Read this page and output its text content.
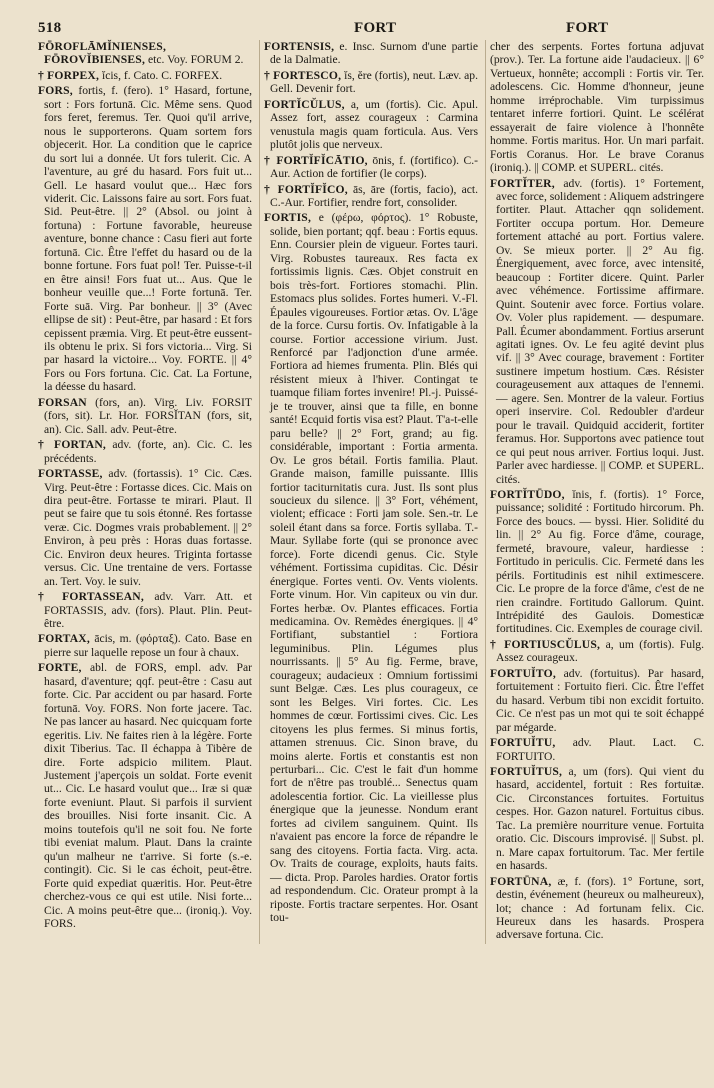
518	FORT	FORT

FŌROFLĀMĬNIENSES, FŌROVĬBIENSES, etc. Voy. FORUM 2.

† FORPEX, ĭcis, f. Cato. C. FORFEX.

FORS, fortis, f. (fero). 1° Hasard, fortune, sort : Fors fortunā. Cic. Même sens. Quod fors feret, feremus. Ter. Quoi qu'il arrive, nous le supporterons. Quam sortem fors objecerit. Hor. La condition que le caprice du sort lui a donnée. Ut fors tulerit. Cic. A l'aventure, au gré du hasard. Fors fuit ut... Gell. Le hasard voulut que... Hæc fors viderit. Cic. Laissons faire au sort. Fors fuat. Sid. Peut-être. || 2° (Absol. ou joint à fortuna) : Fortune favorable, heureuse aventure, bonne chance : Casu fieri aut forte fortunā. Cic. Être l'effet du hasard ou de la bonne fortune. Fors fuat pol! Ter. Puisse-t-il en être ainsi! Fors fuat ut... Aus. Que le bonheur veuille que...! Forte fortunā. Ter. Forte suā. Virg. Par bonheur. || 3° (Avec ellipse de sit) : Peut-être, par hasard : Et fors cepissent præmia. Virg. Et peut-être eussent-ils obtenu le prix. Si fors victoria... Virg. Si par hasard la victoire... Voy. FORTE. || 4° Fors ou Fors fortuna. Cic. Cat. La Fortune, la déesse du hasard.

FORSAN (fors, an). Virg. Liv. FORSIT (fors, sit). Lr. Hor. FORSĬTAN (fors, sit, an). Cic. Sall. adv. Peut-être.

† FORTAN, adv. (forte, an). Cic. C. les précédents.

FORTASSE, adv. (fortassis). 1° Cic. Cæs. Virg. Peut-être : Fortasse dices. Cic. Mais on dira peut-être. Fortasse te mirari. Plaut. Il peut se faire que tu sois étonné. Res fortasse veræ. Cic. Dogmes vrais probablement. || 2° Environ, à peu près : Horas duas fortasse. Cic. Environ deux heures. Triginta fortasse versus. Cic. Une trentaine de vers. Fortasse an. Tert. Voy. le suiv.

† FORTASSEAN, adv. Varr. Att. et FORTASSIS, adv. (fors). Plaut. Plin. Peut-être.

FORTAX, ācis, m. (φόρταξ). Cato. Base en pierre sur laquelle repose un four à chaux.

FORTE, abl. de FORS, empl. adv. Par hasard, d'aventure; qqf. peut-être : Casu aut forte. Cic. Par accident ou par hasard. Forte fortunā. Voy. FORS. Non forte jacere. Tac. Ne pas lancer au hasard. Nec quicquam forte egeritis. Liv. Ne faites rien à la légère. Forte dixit Tiberius. Tac. Il échappa à Tibère de dire. Forte adspicio militem. Plaut. Justement j'aperçois un soldat. Forte evenit ut... Cic. Le hasard voulut que... Iræ si quæ forte eveniunt. Plaut. Si parfois il survient des brouilles. Nisi forte insanit. Cic. A moins toutefois qu'il ne soit fou. Ne forte tibi eveniat malum. Plaut. Dans la crainte qu'un malheur ne t'arrive. Si forte (s.-e. contingit). Cic. Si le cas échoit, peut-être. Forte quid expediat quæritis. Hor. Peut-être cherchez-vous ce qui est utile. Nisi forte... Cic. A moins peut-être que... (ironiq.). Voy. FORS.

FORTENSIS, e. Insc. Surnom d'une partie de la Dalmatie.

† FORTESCO, ĭs, ĕre (fortis), neut. Læv. ap. Gell. Devenir fort.

FORTĬCŬLUS, a, um (fortis). Cic. Apul. Assez fort, assez courageux : Carmina venustula magis quam forticula. Aus. Vers plutôt jolis que nerveux.

† FORTĬFĬCĀTIO, ōnis, f. (fortifico). C.-Aur. Action de fortifier (le corps).

† FORTĬFĬCO, ās, āre (fortis, facio), act. C.-Aur. Fortifier, rendre fort, consolider.

FORTIS, e (φέρω, φόρτος). 1° Robuste, solide, bien portant; qqf. beau : Fortis equus. Enn. Coursier plein de vigueur. Fortes tauri. Virg. Robustes taureaux. Res facta ex fortissimis lignis. Cæs. Objet construit en bois très-fort. Fortiores stomachi. Plin. Estomacs plus solides. Fortes humeri. V.-Fl. Épaules vigoureuses. Fortior ætas. Ov. L'âge de la force. Cursu fortis. Ov. Infatigable à la course. Fortior accessione virium. Just. Renforcé par l'adjonction d'une armée. Fortiora ad hiemes frumenta. Plin. Blés qui résistent mieux à l'hiver. Contingat te tuamque filiam fortes invenire! Pl.-j. Puissé-je te trouver, ainsi que ta fille, en bonne santé! Ecquid fortis visa est? Plaut. T'a-t-elle paru belle? || 2° Fort, grand; au fig. considérable, important : Fortia armenta. Ov. Le gros bétail. Fortis familia. Plaut. Grande maison, famille puissante. Illis fortior taciturnitatis cura. Just. Ils sont plus soucieux du silence. || 3° Fort, véhément, violent; efficace : Forti jam sole. Sen.-tr. Le soleil étant dans sa force. Fortis syllaba. T.-Maur. Syllabe forte (qui se prononce avec force). Forte dicendi genus. Cic. Style véhément. Fortissima cupiditas. Cic. Désir énergique. Fortes venti. Ov. Vents violents. Forte vinum. Hor. Vin capiteux ou vin dur. Fortes herbæ. Ov. Plantes efficaces. Fortia medicamina. Ov. Remèdes énergiques. || 4° Fortifiant, substantiel : Fortiora leguminibus. Plin. Légumes plus nourrissants. || 5° Au fig. Ferme, brave, courageux; audacieux : Omnium fortissimi sunt Belgæ. Cæs. Les plus courageux, ce sont les Belges. Viri fortes. Cic. Les hommes de cœur. Fortissimi cives. Cic. Les citoyens les plus fermes. Si minus fortis, attamen strenuus. Cic. Sinon brave, du moins alerte. Fortis et constantis est non perturbari... Cic. C'est le fait d'un homme fort de n'être pas troublé... Senectus quam adolescentia fortior. Cic. La vieillesse plus énergique que la jeunesse. Nondum erant fortes ad civilem sanguinem. Quint. Ils n'avaient pas encore la force de répandre le sang des citoyens. Fortia facta. Virg. acta. Ov. Traits de courage, exploits, hauts faits. — dicta. Prop. Paroles hardies. Orator fortis ad respondendum. Cic. Orateur prompt à la riposte. Fortis tractare serpentes. Hor. Osant tou-

cher des serpents. Fortes fortuna adjuvat (prov.). Ter. La fortune aide l'audacieux. || 6° Vertueux, honnête; accompli : Fortis vir. Ter. adolescens. Cic. Homme d'honneur, jeune homme irréprochable. Vim turpissimus tentaret inferre fortiori. Quint. Le scélérat essayerait de faire violence à l'honnête homme. Fortis maritus. Hor. Un mari parfait. Fortis Coranus. Hor. Le brave Coranus (ironiq.). || COMP. et SUPERL. cités.

FORTĬTER, adv. (fortis). 1° Fortement, avec force, solidement : Aliquem adstringere fortiter. Plaut. Attacher qqn solidement. Fortiter occupa portum. Hor. Demeure fortement attaché au port. Fortius valere. Ov. Se mieux porter. || 2° Au fig. Énergiquement, avec force, avec intensité, beaucoup : Fortiter dicere. Quint. Parler avec véhémence. Fortissime affirmare. Quint. Soutenir avec force. Fortius volare. Ov. Voler plus rapidement. — despumare. Pall. Écumer abondamment. Fortius arserunt agitati ignes. Ov. Le feu agité devint plus vif. || 3° Avec courage, bravement : Fortiter sustinere impetum hostium. Cæs. Résister courageusement aux attaques de l'ennemi. — agere. Sen. Montrer de la valeur. Fortius operi inservire. Col. Redoubler d'ardeur pour le travail. Quidquid acciderit, fortiter feramus. Hor. Supportons avec patience tout ce qui peut nous arriver. Fortius loqui. Just. Parler avec hardiesse. || COMP. et SUPERL. cités.

FORTĬTŪDO, ĭnis, f. (fortis). 1° Force, puissance; solidité : Fortitudo hircorum. Ph. Force des boucs. — byssi. Hier. Solidité du lin. || 2° Au fig. Force d'âme, courage, fermeté, bravoure, valeur, hardiesse : Fortitudo in periculis. Cic. Fermeté dans les périls. Fortitudinis est nihil extimescere. Cic. Le propre de la force d'âme, c'est de ne rien craindre. Fortitudo Gallorum. Quint. Intrépidité des Gaulois. Domesticæ fortitudines. Cic. Exemples de courage civil.

† FORTIUSCŬLUS, a, um (fortis). Fulg. Assez courageux.

FORTUĬTO, adv. (fortuitus). Par hasard, fortuitement : Fortuito fieri. Cic. Être l'effet du hasard. Verbum tibi non excidit fortuito. Cic. Ce n'est pas un mot qui te soit échappé par mégarde.

FORTUĬTU, adv. Plaut. Lact. C. FORTUITO.

FORTUĬTUS, a, um (fors). Qui vient du hasard, accidentel, fortuit : Res fortuitæ. Cic. Circonstances fortuites. Fortuitus cespes. Hor. Gazon naturel. Fortuitus cibus. Tac. La première nourriture venue. Fortuita oratio. Cic. Discours improvisé. || Subst. pl. n. Mare capax fortuitorum. Tac. Mer fertile en hasards.

FORTŪNA, æ, f. (fors). 1° Fortune, sort, destin, événement (heureux ou malheureux), lot; chance : Ad fortunam felix. Cic. Heureux dans les hasards. Prospera adversave fortuna. Cic.
